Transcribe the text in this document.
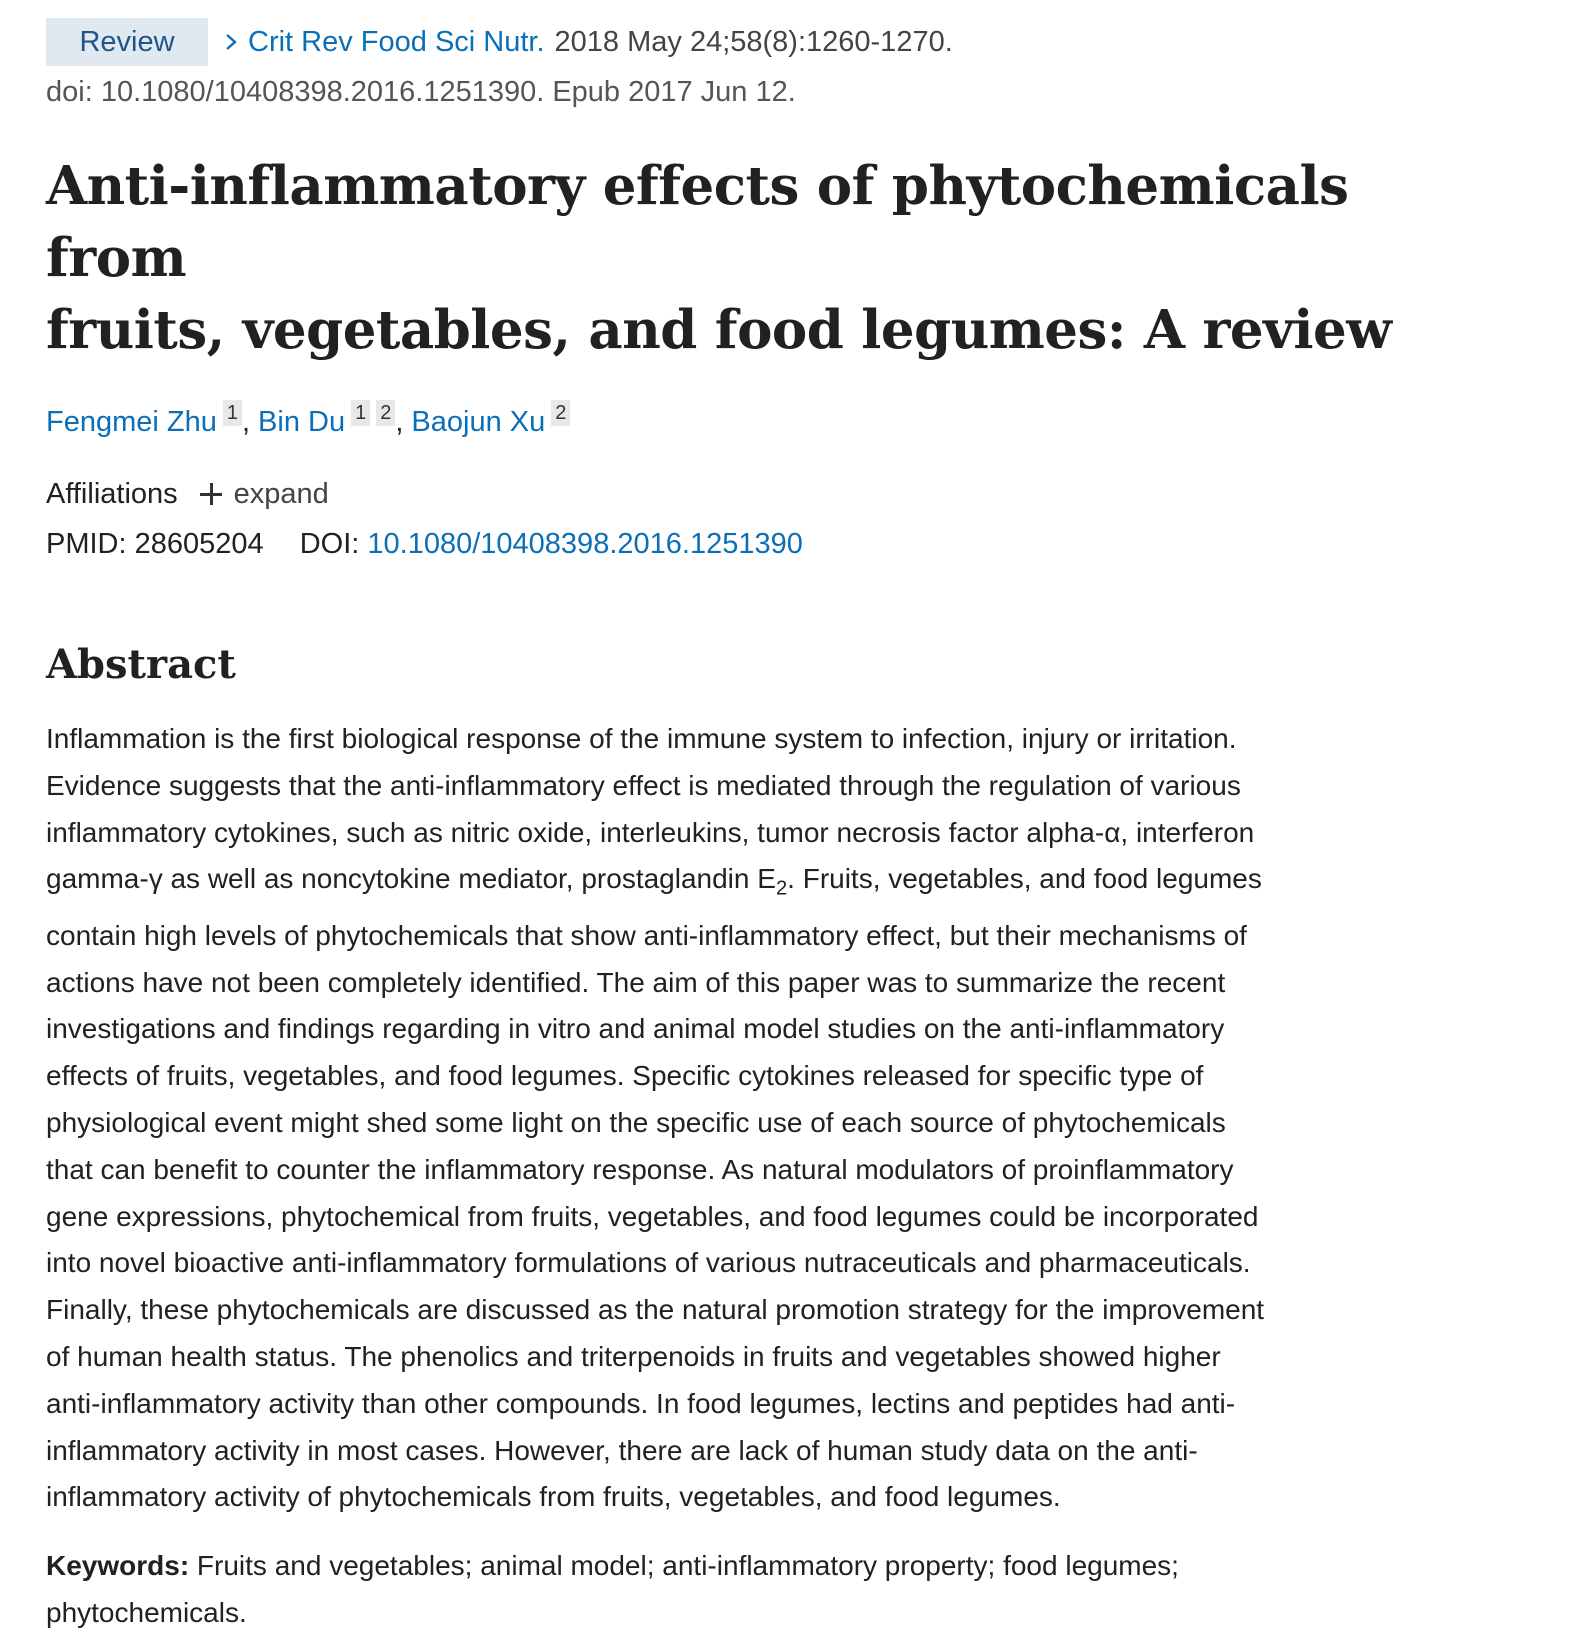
Review	Crit Rev Food Sci Nutr. 2018 May 24;58(8):1260-1270.
doi: 10.1080/10408398.2016.1251390. Epub 2017 Jun 12.
Anti-inflammatory effects of phytochemicals from
fruits, vegetables, and food legumes: A review
Fengmei Zhu 1 , Bin Du 1 2 , Baojun Xu 2
Affiliations expand
PMID: 28605204 DOI: 10.1080/10408398.2016.1251390
Abstract
Inflammation is the first biological response of the immune system to infection, injury or irritation.
Evidence suggests that the anti-inflammatory effect is mediated through the regulation of various
inflammatory cytokines, such as nitric oxide, interleukins, tumor necrosis factor alpha-α, interferon
gamma-γ as well as noncytokine mediator, prostaglandin $E_2$. Fruits, vegetables, and food legumes
contain high levels of phytochemicals that show anti-inflammatory effect, but their mechanisms of
actions have not been completely identified. The aim of this paper was to summarize the recent
investigations and findings regarding in vitro and animal model studies on the anti-inflammatory
effects of fruits, vegetables, and food legumes. Specific cytokines released for specific type of
physiological event might shed some light on the specific use of each source of phytochemicals
that can benefit to counter the inflammatory response. As natural modulators of proinflammatory
gene expressions, phytochemical from fruits, vegetables, and food legumes could be incorporated
into novel bioactive anti-inflammatory formulations of various nutraceuticals and pharmaceuticals.
Finally, these phytochemicals are discussed as the natural promotion strategy for the improvement
of human health status. The phenolics and triterpenoids in fruits and vegetables showed higher
anti-inflammatory activity than other compounds. In food legumes, lectins and peptides had anti-
inflammatory activity in most cases. However, there are lack of human study data on the anti-
inflammatory activity of phytochemicals from fruits, vegetables, and food legumes.
Keywords: Fruits and vegetables; animal model; anti-inflammatory property; food legumes;
phytochemicals.
